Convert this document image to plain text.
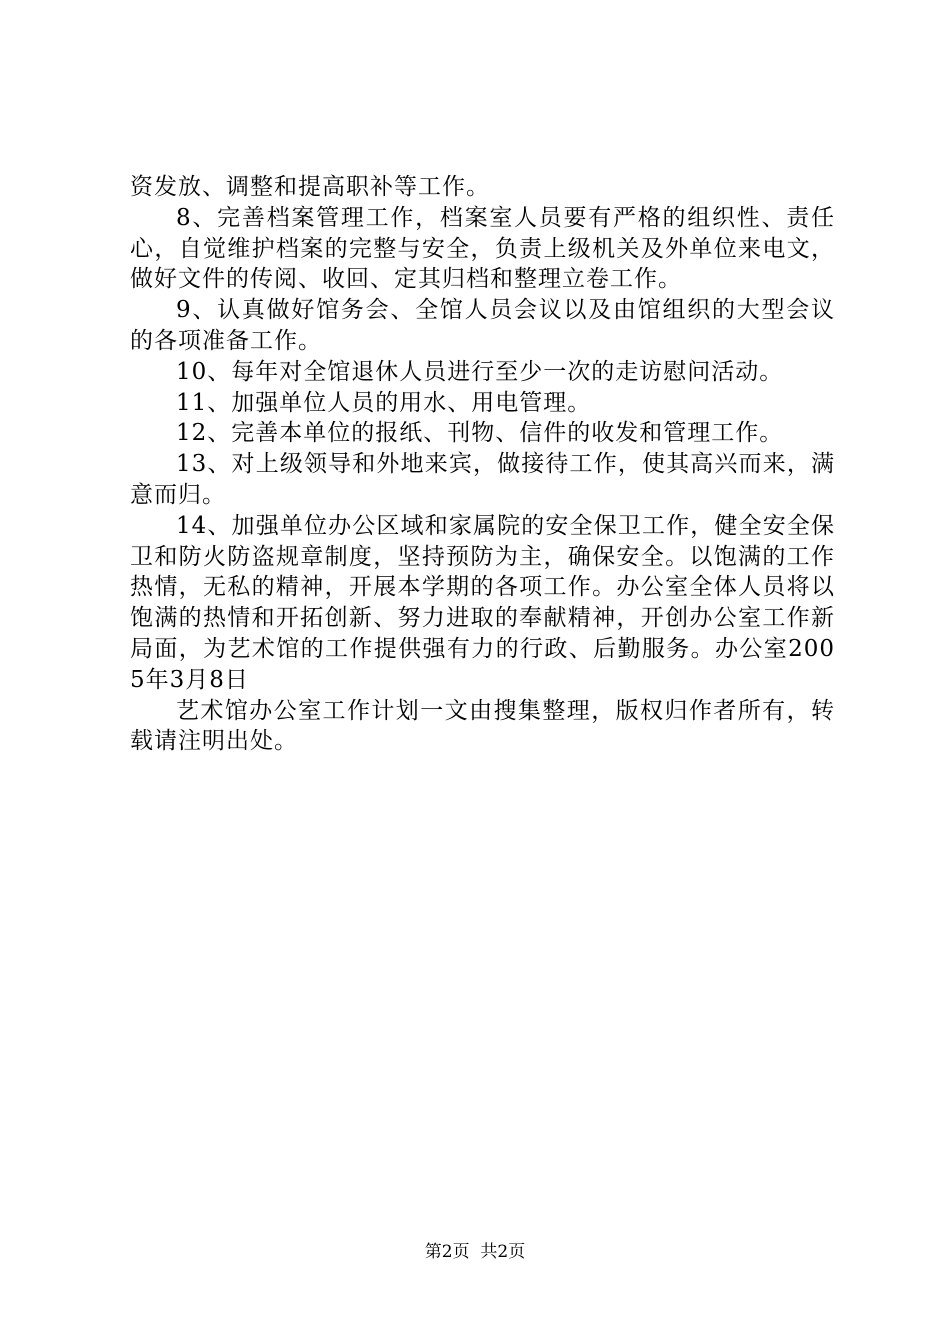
资发放、调整和提高职补等工作。

8、完善档案管理工作，档案室人员要有严格的组织性、责任心，自觉维护档案的完整与安全，负责上级机关及外单位来电文，做好文件的传阅、收回、定其归档和整理立卷工作。

9、认真做好馆务会、全馆人员会议以及由馆组织的大型会议的各项准备工作。

10、每年对全馆退休人员进行至少一次的走访慰问活动。

11、加强单位人员的用水、用电管理。

12、完善本单位的报纸、刊物、信件的收发和管理工作。

13、对上级领导和外地来宾，做接待工作，使其高兴而来，满意而归。

14、加强单位办公区域和家属院的安全保卫工作，健全安全保卫和防火防盗规章制度，坚持预防为主，确保安全。以饱满的工作热情，无私的精神，开展本学期的各项工作。办公室全体人员将以饱满的热情和开拓创新、努力进取的奉献精神，开创办公室工作新局面，为艺术馆的工作提供强有力的行政、后勤服务。办公室2005年3月8日

艺术馆办公室工作计划一文由搜集整理，版权归作者所有，转载请注明出处。

第2页  共2页
